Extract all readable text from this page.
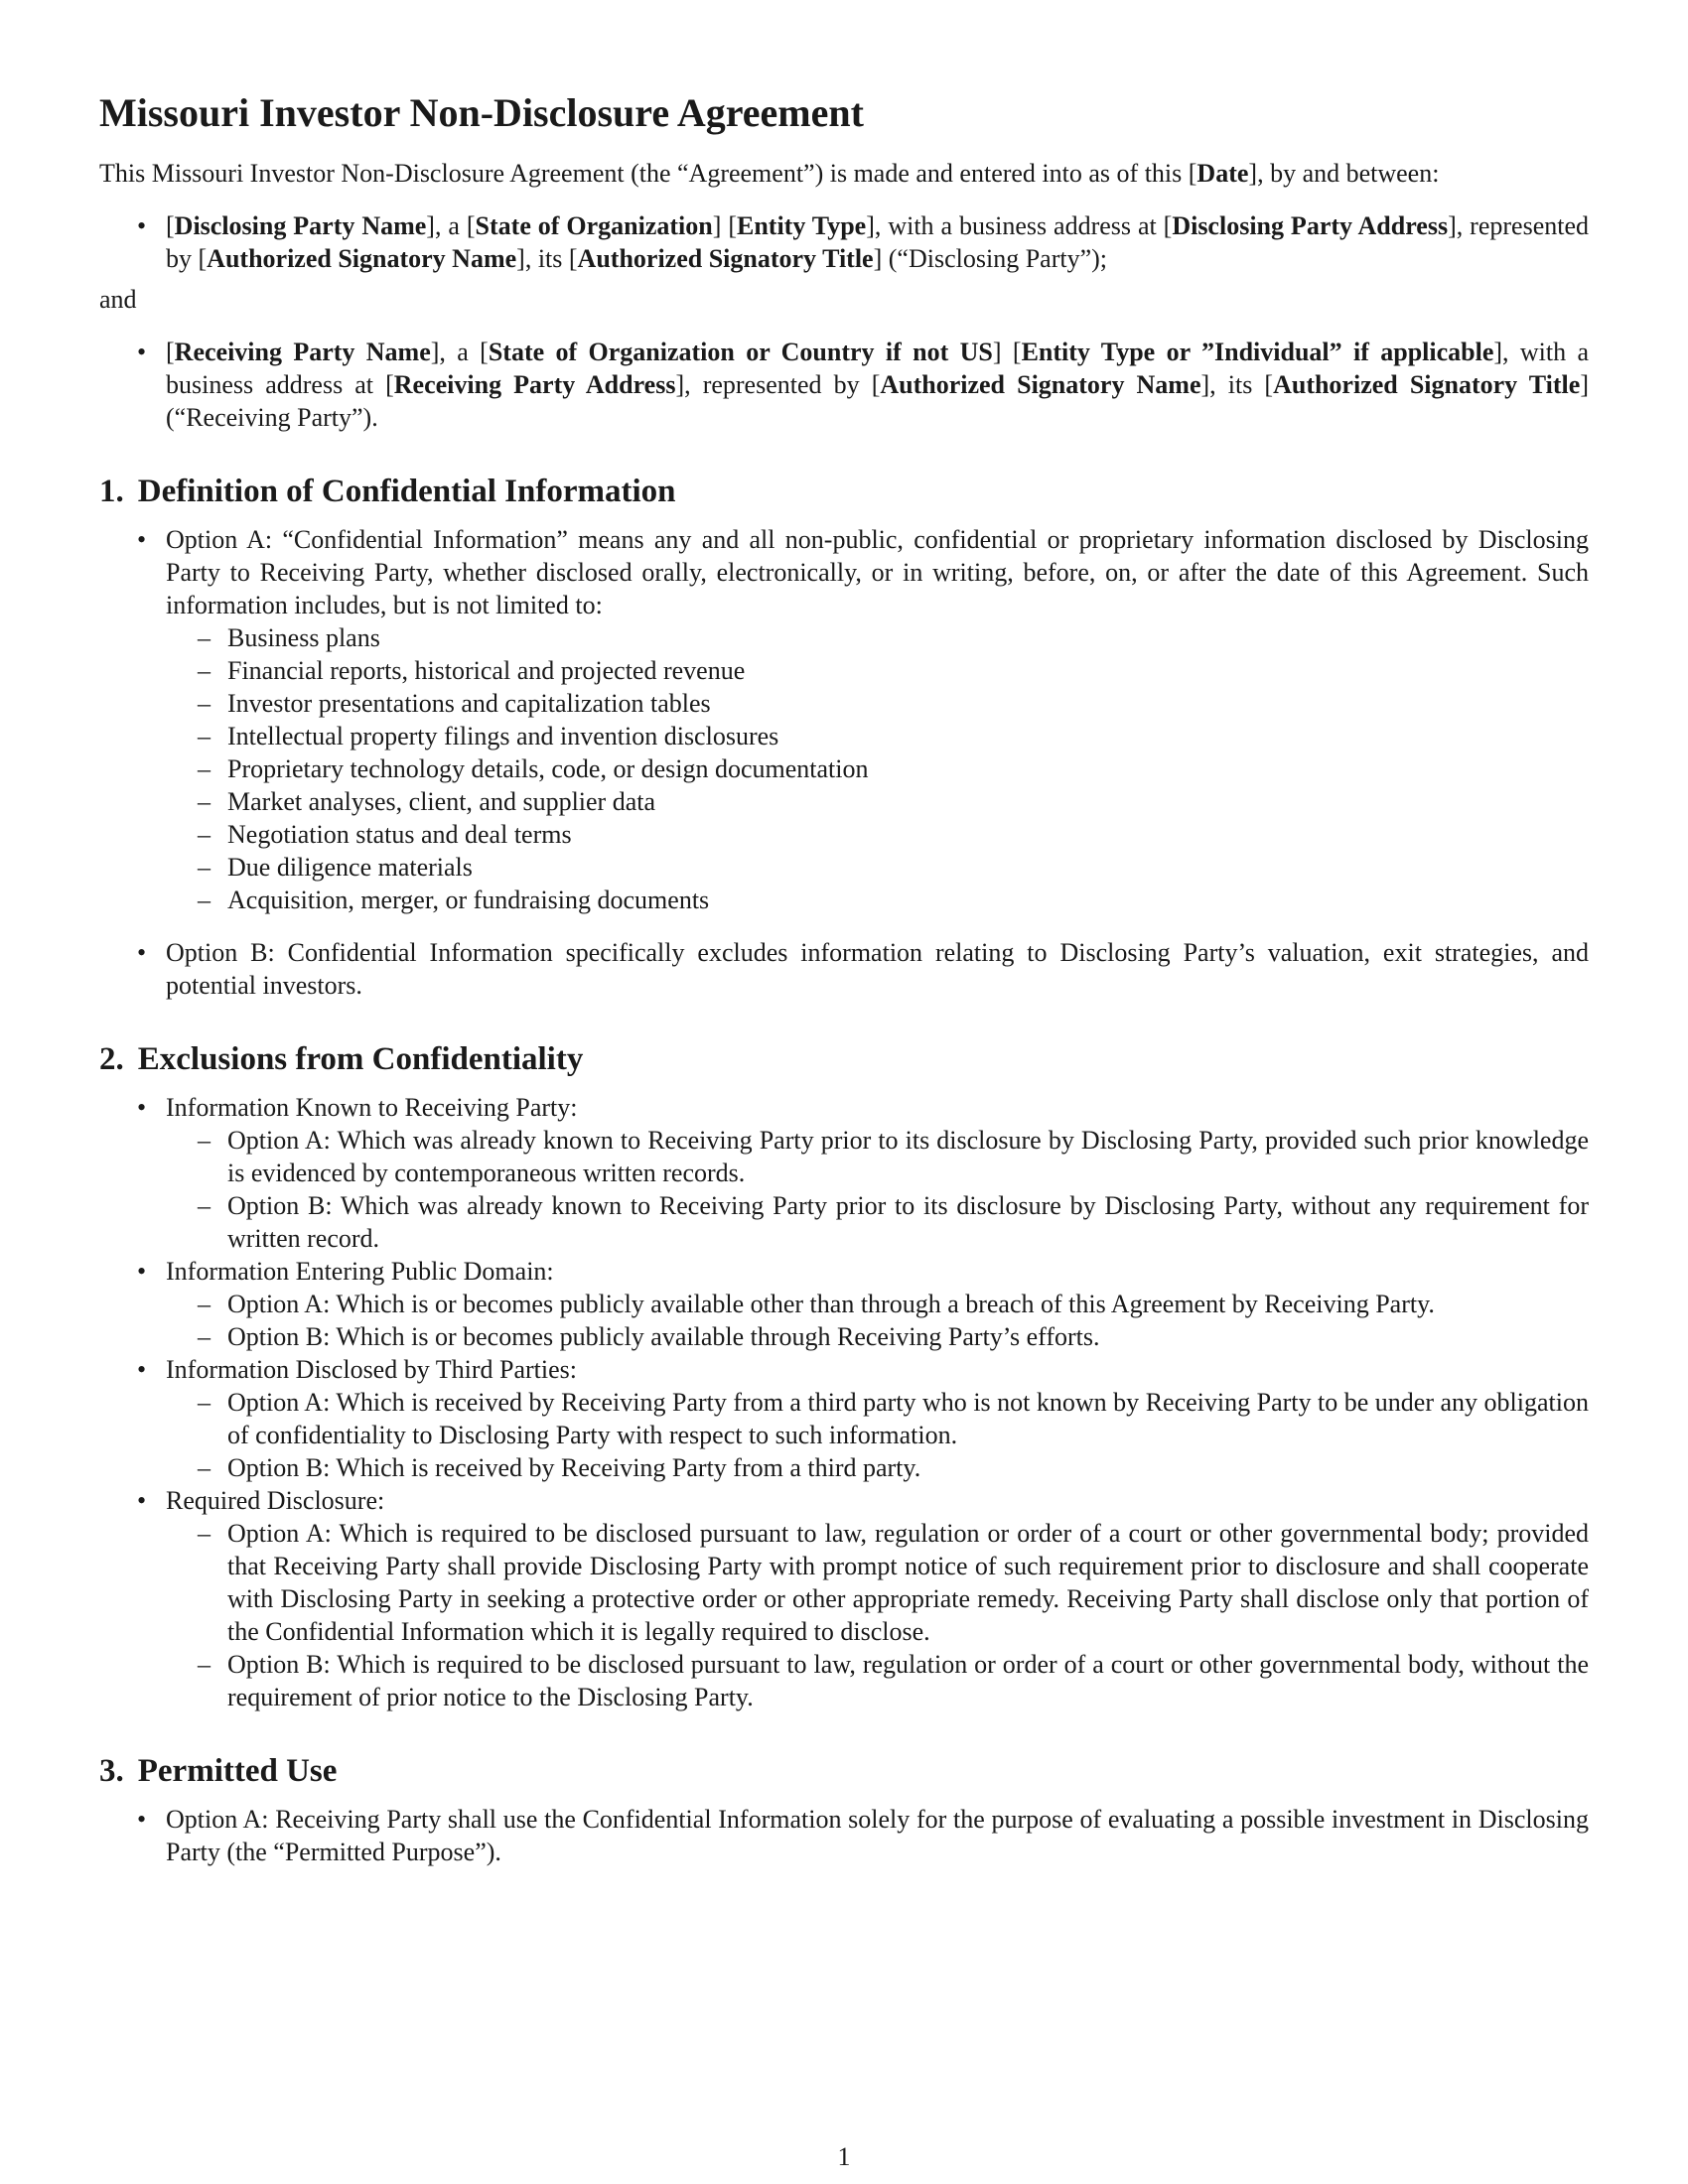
Missouri Investor Non-Disclosure Agreement

This Missouri Investor Non-Disclosure Agreement (the “Agreement”) is made and entered into as of this [Date], by and between:

• [Disclosing Party Name], a [State of Organization] [Entity Type], with a business address at [Disclosing Party Address], represented by [Authorized Signatory Name], its [Authorized Signatory Title] (“Disclosing Party”);

and

• [Receiving Party Name], a [State of Organization or Country if not US] [Entity Type or ”Individual” if applicable], with a business address at [Receiving Party Address], represented by [Authorized Signatory Name], its [Authorized Signatory Title] (“Receiving Party”).
1. Definition of Confidential Information
• Option A: “Confidential Information” means any and all non-public, confidential or proprietary information disclosed by Disclosing Party to Receiving Party, whether disclosed orally, electronically, or in writing, before, on, or after the date of this Agreement. Such information includes, but is not limited to:
– Business plans
– Financial reports, historical and projected revenue
– Investor presentations and capitalization tables
– Intellectual property filings and invention disclosures
– Proprietary technology details, code, or design documentation
– Market analyses, client, and supplier data
– Negotiation status and deal terms
– Due diligence materials
– Acquisition, merger, or fundraising documents
• Option B: Confidential Information specifically excludes information relating to Disclosing Party’s valuation, exit strategies, and potential investors.
2. Exclusions from Confidentiality
• Information Known to Receiving Party:
– Option A: Which was already known to Receiving Party prior to its disclosure by Disclosing Party, provided such prior knowledge is evidenced by contemporaneous written records.
– Option B: Which was already known to Receiving Party prior to its disclosure by Disclosing Party, without any requirement for written record.
• Information Entering Public Domain:
– Option A: Which is or becomes publicly available other than through a breach of this Agreement by Receiving Party.
– Option B: Which is or becomes publicly available through Receiving Party’s efforts.
• Information Disclosed by Third Parties:
– Option A: Which is received by Receiving Party from a third party who is not known by Receiving Party to be under any obligation of confidentiality to Disclosing Party with respect to such information.
– Option B: Which is received by Receiving Party from a third party.
• Required Disclosure:
– Option A: Which is required to be disclosed pursuant to law, regulation or order of a court or other governmental body; provided that Receiving Party shall provide Disclosing Party with prompt notice of such requirement prior to disclosure and shall cooperate with Disclosing Party in seeking a protective order or other appropriate remedy. Receiving Party shall disclose only that portion of the Confidential Information which it is legally required to disclose.
– Option B: Which is required to be disclosed pursuant to law, regulation or order of a court or other governmental body, without the requirement of prior notice to the Disclosing Party.
3. Permitted Use
• Option A: Receiving Party shall use the Confidential Information solely for the purpose of evaluating a possible investment in Disclosing Party (the “Permitted Purpose”).
1
